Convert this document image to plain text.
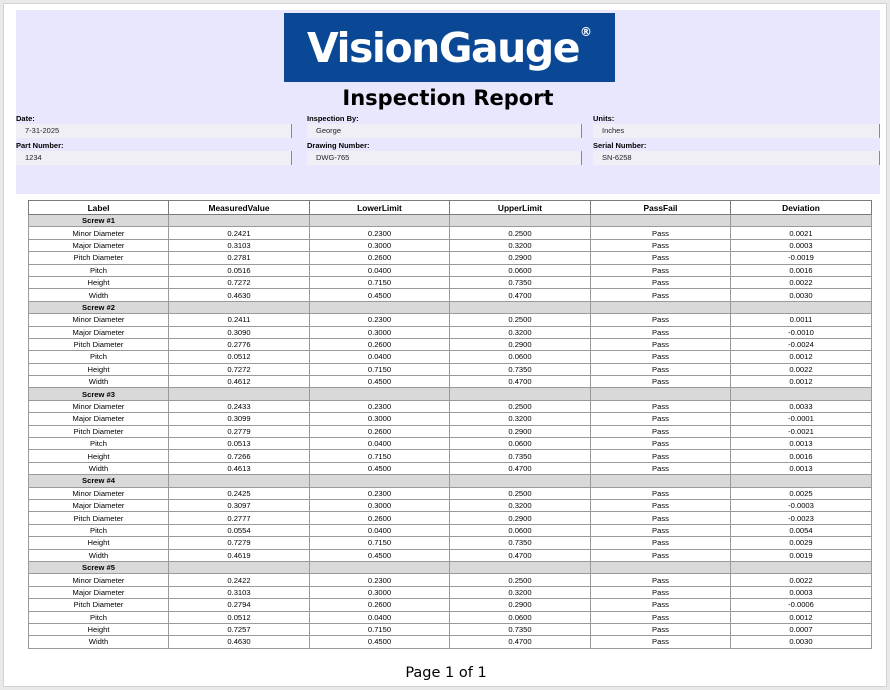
VisionGauge ®
Inspection Report
Date:
7-31-2025
Inspection By:
George
Units:
Inches
Part Number:
1234
Drawing Number:
DWG-765
Serial Number:
SN-6258
Label	MeasuredValue	LowerLimit	UpperLimit	PassFail	Deviation
Screw #1					
Minor Diameter	0.2421	0.2300	0.2500	Pass	0.0021
Major Diameter	0.3103	0.3000	0.3200	Pass	0.0003
Pitch Diameter	0.2781	0.2600	0.2900	Pass	-0.0019
Pitch	0.0516	0.0400	0.0600	Pass	0.0016
Height	0.7272	0.7150	0.7350	Pass	0.0022
Width	0.4630	0.4500	0.4700	Pass	0.0030
Screw #2					
Minor Diameter	0.2411	0.2300	0.2500	Pass	0.0011
Major Diameter	0.3090	0.3000	0.3200	Pass	-0.0010
Pitch Diameter	0.2776	0.2600	0.2900	Pass	-0.0024
Pitch	0.0512	0.0400	0.0600	Pass	0.0012
Height	0.7272	0.7150	0.7350	Pass	0.0022
Width	0.4612	0.4500	0.4700	Pass	0.0012
Screw #3					
Minor Diameter	0.2433	0.2300	0.2500	Pass	0.0033
Major Diameter	0.3099	0.3000	0.3200	Pass	-0.0001
Pitch Diameter	0.2779	0.2600	0.2900	Pass	-0.0021
Pitch	0.0513	0.0400	0.0600	Pass	0.0013
Height	0.7266	0.7150	0.7350	Pass	0.0016
Width	0.4613	0.4500	0.4700	Pass	0.0013
Screw #4					
Minor Diameter	0.2425	0.2300	0.2500	Pass	0.0025
Major Diameter	0.3097	0.3000	0.3200	Pass	-0.0003
Pitch Diameter	0.2777	0.2600	0.2900	Pass	-0.0023
Pitch	0.0554	0.0400	0.0600	Pass	0.0054
Height	0.7279	0.7150	0.7350	Pass	0.0029
Width	0.4619	0.4500	0.4700	Pass	0.0019
Screw #5					
Minor Diameter	0.2422	0.2300	0.2500	Pass	0.0022
Major Diameter	0.3103	0.3000	0.3200	Pass	0.0003
Pitch Diameter	0.2794	0.2600	0.2900	Pass	-0.0006
Pitch	0.0512	0.0400	0.0600	Pass	0.0012
Height	0.7257	0.7150	0.7350	Pass	0.0007
Width	0.4630	0.4500	0.4700	Pass	0.0030
Page 1 of 1
